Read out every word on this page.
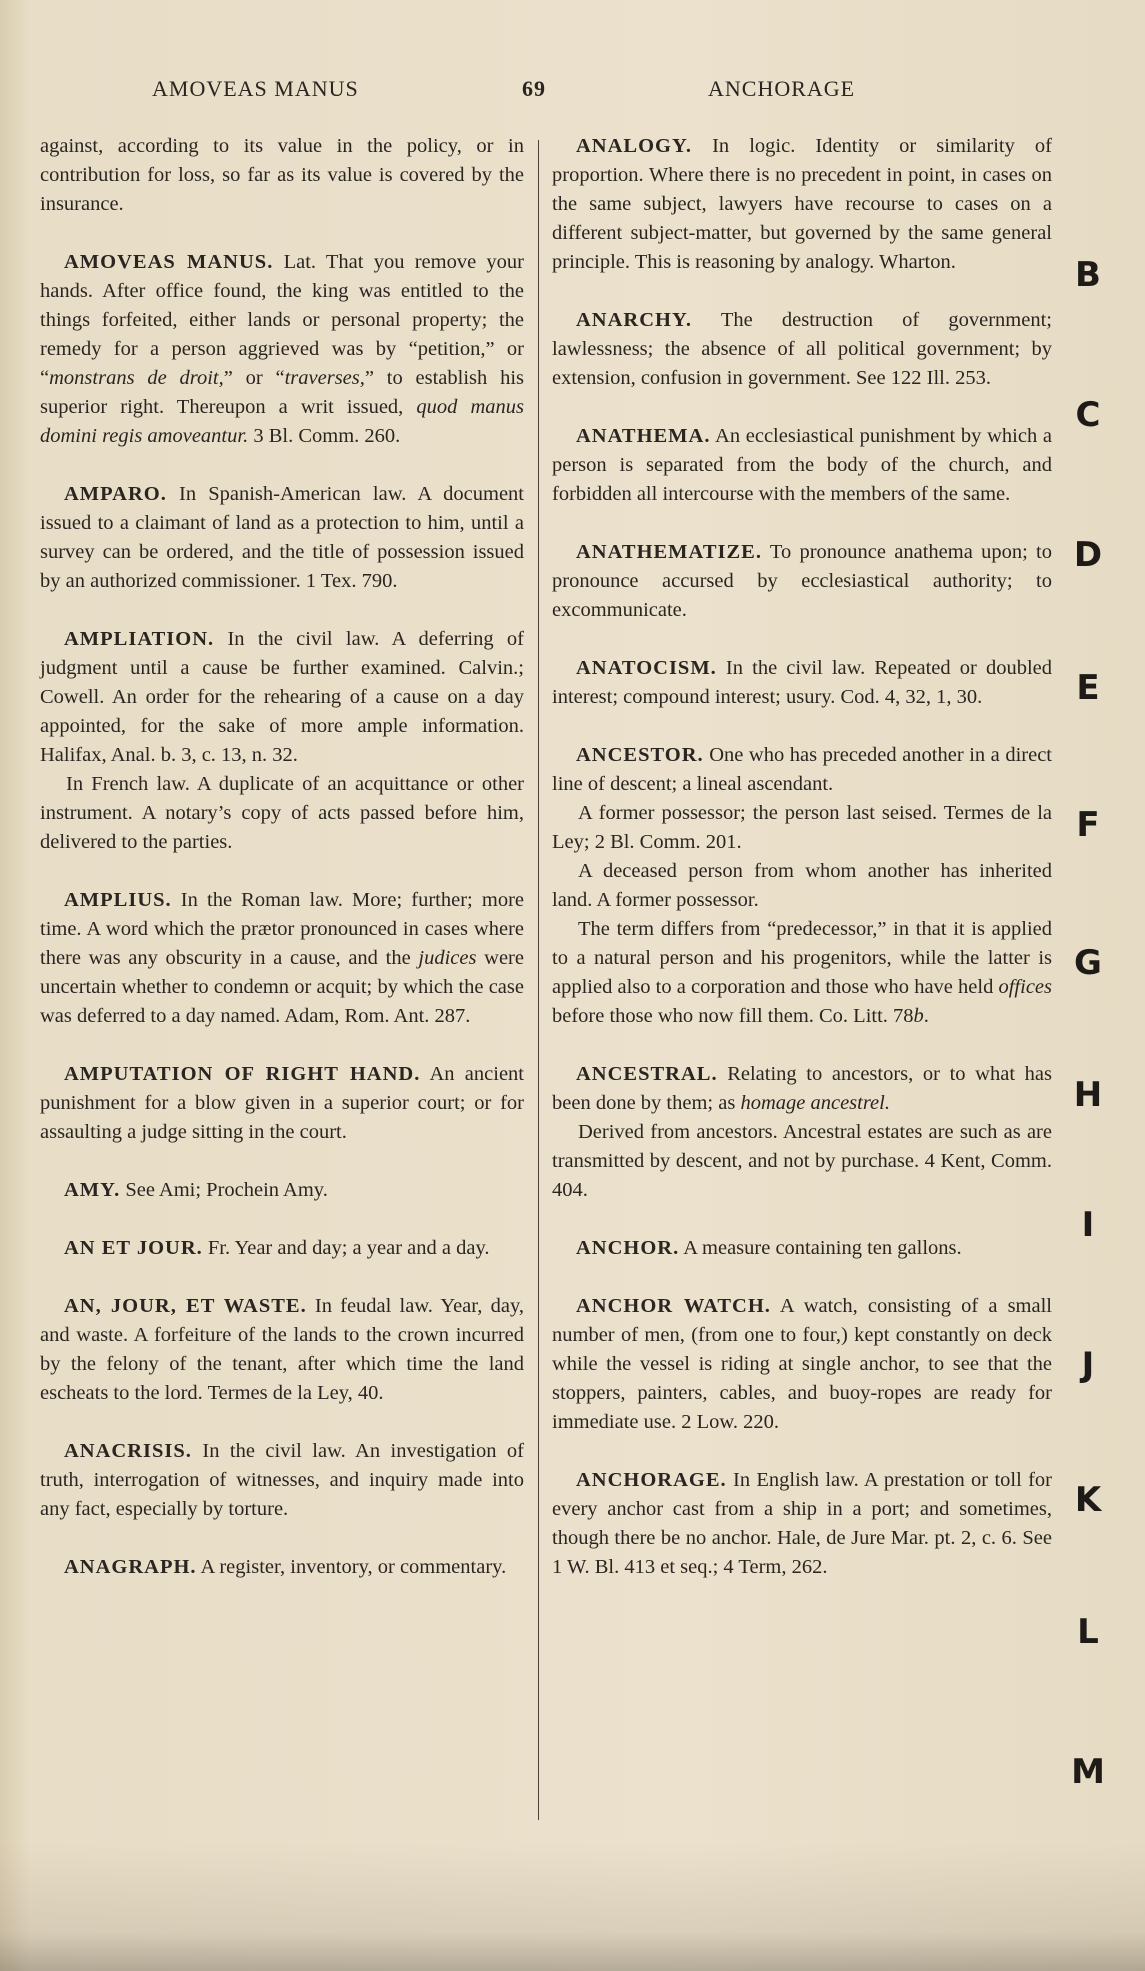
AMOVEAS MANUS	69	ANCHORAGE

against, according to its value in the policy, or in contribution for loss, so far as its value is covered by the insurance.

AMOVEAS MANUS. Lat. That you remove your hands. After office found, the king was entitled to the things forfeited, either lands or personal property; the remedy for a person aggrieved was by “petition,” or “monstrans de droit,” or “traverses,” to establish his superior right. Thereupon a writ issued, quod manus domini regis amoveantur. 3 Bl. Comm. 260.

AMPARO. In Spanish-American law. A document issued to a claimant of land as a protection to him, until a survey can be ordered, and the title of possession issued by an authorized commissioner. 1 Tex. 790.

AMPLIATION. In the civil law. A deferring of judgment until a cause be further examined. Calvin.; Cowell. An order for the rehearing of a cause on a day appointed, for the sake of more ample information. Halifax, Anal. b. 3, c. 13, n. 32.

In French law. A duplicate of an acquittance or other instrument. A notary’s copy of acts passed before him, delivered to the parties.

AMPLIUS. In the Roman law. More; further; more time. A word which the prætor pronounced in cases where there was any obscurity in a cause, and the judices were uncertain whether to condemn or acquit; by which the case was deferred to a day named. Adam, Rom. Ant. 287.

AMPUTATION OF RIGHT HAND. An ancient punishment for a blow given in a superior court; or for assaulting a judge sitting in the court.

AMY. See Ami; Prochein Amy.

AN ET JOUR. Fr. Year and day; a year and a day.

AN, JOUR, ET WASTE. In feudal law. Year, day, and waste. A forfeiture of the lands to the crown incurred by the felony of the tenant, after which time the land escheats to the lord. Termes de la Ley, 40.

ANACRISIS. In the civil law. An investigation of truth, interrogation of witnesses, and inquiry made into any fact, especially by torture.

ANAGRAPH. A register, inventory, or commentary.

ANALOGY. In logic. Identity or similarity of proportion. Where there is no precedent in point, in cases on the same subject, lawyers have recourse to cases on a different subject-matter, but governed by the same general principle. This is reasoning by analogy. Wharton.

ANARCHY. The destruction of government; lawlessness; the absence of all political government; by extension, confusion in government. See 122 Ill. 253.

ANATHEMA. An ecclesiastical punishment by which a person is separated from the body of the church, and forbidden all intercourse with the members of the same.

ANATHEMATIZE. To pronounce anathema upon; to pronounce accursed by ecclesiastical authority; to excommunicate.

ANATOCISM. In the civil law. Repeated or doubled interest; compound interest; usury. Cod. 4, 32, 1, 30.

ANCESTOR. One who has preceded another in a direct line of descent; a lineal ascendant.

A former possessor; the person last seised. Termes de la Ley; 2 Bl. Comm. 201.

A deceased person from whom another has inherited land. A former possessor.

The term differs from “predecessor,” in that it is applied to a natural person and his progenitors, while the latter is applied also to a corporation and those who have held offices before those who now fill them. Co. Litt. 78b.

ANCESTRAL. Relating to ancestors, or to what has been done by them; as homage ancestrel.

Derived from ancestors. Ancestral estates are such as are transmitted by descent, and not by purchase. 4 Kent, Comm. 404.

ANCHOR. A measure containing ten gallons.

ANCHOR WATCH. A watch, consisting of a small number of men, (from one to four,) kept constantly on deck while the vessel is riding at single anchor, to see that the stoppers, painters, cables, and buoy-ropes are ready for immediate use. 2 Low. 220.

ANCHORAGE. In English law. A prestation or toll for every anchor cast from a ship in a port; and sometimes, though there be no anchor. Hale, de Jure Mar. pt. 2, c. 6. See 1 W. Bl. 413 et seq.; 4 Term, 262.

B
C
D
E
F
G
H
I
J
K
L
M
